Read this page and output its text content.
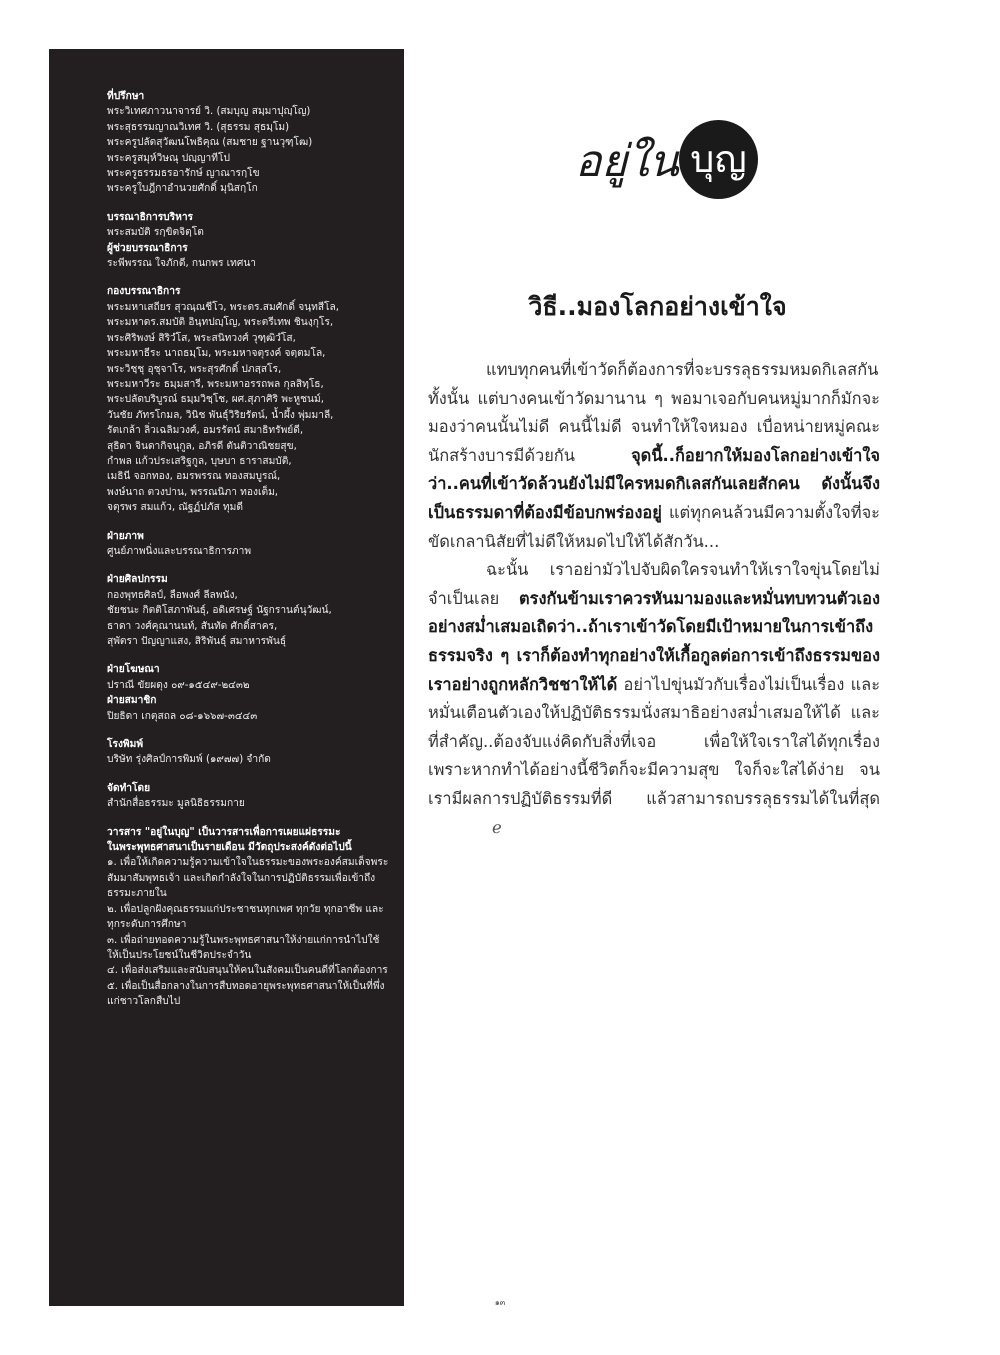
ที่ปรึกษา
พระวิเทศภาวนาจารย์ วิ. (สมบุญ สมฺมาปุญฺโญ)
พระสุธรรมญาณวิเทศ วิ. (สุธรรม สุธมฺโม)
พระครูปลัดสุวัฒนโพธิคุณ (สมชาย ฐานวุฑฺโฒ)
พระครูสมุห์วิษณุ ปญฺญาทีโป
พระครูธรรมธรอารักษ์ ญาณารกฺโข
พระครูใบฎีกาอำนวยศักดิ์ มุนิสกฺโก
บรรณาธิการบริหาร
พระสมบัติ รกฺขิตจิตฺโต
ผู้ช่วยบรรณาธิการ
ระพีพรรณ ใจภักดี, กนกพร เทศนา
กองบรรณาธิการ
พระมหาเสถียร สุวณฺณชีโว, พระดร.สมศักดิ์ จนฺทสีโล,
พระมหาดร.สมบัติ อินฺทปญฺโญ, พระตรีเทพ ชินงฺกุโร,
พระศิริพงษ์ สิริวํโส, พระสนิทวงศ์ วุฑฺฒิวํโส,
พระมหาธีระ นาถธมฺโม, พระมหาจตุรงค์ จตฺตมโล,
พระวิชฺชุ อุชุจาโร, พระสุรศักดิ์ ปภสฺสโร,
พระมหาวีระ ธมฺมสารี, พระมหาอรรถพล กุลสิทฺโธ,
พระปลัดบริบูรณ์ ธมฺมวิชฺโช, ผศ.สุภาศิริ พะหูชนม์,
วันชัย ภัทรโกมล, วินิช พันธุ์วิริยรัตน์, น้ำผึ้ง พุ่มมาลี,
รัตเกล้า ลิ่วเฉลิมวงศ์, อมรรัตน์ สมาธิทรัพย์ดี,
สุธิดา จินดากิจนุกูล, อภิรดี ตันติวาณิชยสุข,
กำพล แก้วประเสริฐกูล, บุษบา ธาราสมบัติ,
เมธินี จอกทอง, อมรพรรณ ทองสมบูรณ์,
พงษ์นาถ ตวงปาน, พรรณนิภา ทองเต็ม,
จตุรพร สมแก้ว, ณัฐฏ์ปภัส ทุมดี
ฝ่ายภาพ
ศูนย์ภาพนิ่งและบรรณาธิการภาพ
ฝ่ายศิลปกรรม
กองพุทธศิลป์, ลือพงศ์ ลีลพนัง,
ชัยชนะ กิตติโสภาพันธุ์, อดิเศรษฐ์ นัฐกรานต์นุวัฒน์,
ธาดา วงศ์คุณานนท์, สันทัด ศักดิ์สาคร,
สุพัตรา ปัญญาแสง, สิริพันธุ์ สมาหารพันธุ์
ฝ่ายโฆษณา
ปราณี ขัยผดุง ๐๙-๑๕๔๙-๒๔๓๒
ฝ่ายสมาชิก
ปิยธิดา เกตุสถล ๐๘-๑๖๖๗-๓๔๔๓
โรงพิมพ์
บริษัท รุ่งศิลป์การพิมพ์ (๑๙๗๗) จำกัด
จัดทำโดย
สำนักสื่อธรรมะ มูลนิธิธรรมกาย
วารสาร "อยู่ในบุญ" เป็นวารสารเพื่อการเผยแผ่ธรรมะ
ในพระพุทธศาสนาเป็นรายเดือน มีวัตถุประสงค์ดังต่อไปนี้
๑. เพื่อให้เกิดความรู้ความเข้าใจในธรรมะของพระองค์สมเด็จพระสัมมาสัมพุทธเจ้า และเกิดกำลังใจในการปฏิบัติธรรมเพื่อเข้าถึงธรรมะภายใน
๒. เพื่อปลูกฝังคุณธรรมแก่ประชาชนทุกเพศ ทุกวัย ทุกอาชีพ และทุกระดับการศึกษา
๓. เพื่อถ่ายทอดความรู้ในพระพุทธศาสนาให้ง่ายแก่การนำไปใช้ให้เป็นประโยชน์ในชีวิตประจำวัน
๔. เพื่อส่งเสริมและสนับสนุนให้คนในสังคมเป็นคนดีที่โลกต้องการ
๕. เพื่อเป็นสื่อกลางในการสืบทอดอายุพระพุทธศาสนาให้เป็นที่พึ่งแก่ชาวโลกสืบไป
อยู่ใน บุญ
วิธี..มองโลกอย่างเข้าใจ

แทบทุกคนที่เข้าวัดก็ต้องการที่จะบรรลุธรรมหมดกิเลสกันทั้งนั้น แต่บางคนเข้าวัดมานาน ๆ พอมาเจอกับคนหมู่มากก็มักจะมองว่าคนนั้นไม่ดี คนนี้ไม่ดี จนทำให้ใจหมอง เบื่อหน่ายหมู่คณะนักสร้างบารมีด้วยกัน	จุดนี้..ก็อยากให้มองโลกอย่างเข้าใจว่า..คนที่เข้าวัดล้วนยังไม่มีใครหมดกิเลสกันเลยสักคน ดังนั้นจึงเป็นธรรมดาที่ต้องมีข้อบกพร่องอยู่ แต่ทุกคนล้วนมีความตั้งใจที่จะขัดเกลานิสัยที่ไม่ดีให้หมดไปให้ได้สักวัน...

ฉะนั้น เราอย่ามัวไปจับผิดใครจนทำให้เราใจขุ่นโดยไม่จำเป็นเลย ตรงกันข้ามเราควรหันมามองและหมั่นทบทวนตัวเองอย่างสม่ำเสมอเถิดว่า..ถ้าเราเข้าวัดโดยมีเป้าหมายในการเข้าถึงธรรมจริง ๆ เราก็ต้องทำทุกอย่างให้เกื้อกูลต่อการเข้าถึงธรรมของเราอย่างถูกหลักวิชชาให้ได้ อย่าไปขุ่นมัวกับเรื่องไม่เป็นเรื่อง และหมั่นเตือนตัวเองให้ปฏิบัติธรรมนั่งสมาธิอย่างสม่ำเสมอให้ได้ และที่สำคัญ..ต้องจับแง่คิดกับสิ่งที่เจอ เพื่อให้ใจเราใสได้ทุกเรื่อง เพราะหากทำได้อย่างนี้ชีวิตก็จะมีความสุข ใจก็จะใสได้ง่าย จนเรามีผลการปฏิบัติธรรมที่ดี แล้วสามารถบรรลุธรรมได้ในที่สุดℯ

๑๓
